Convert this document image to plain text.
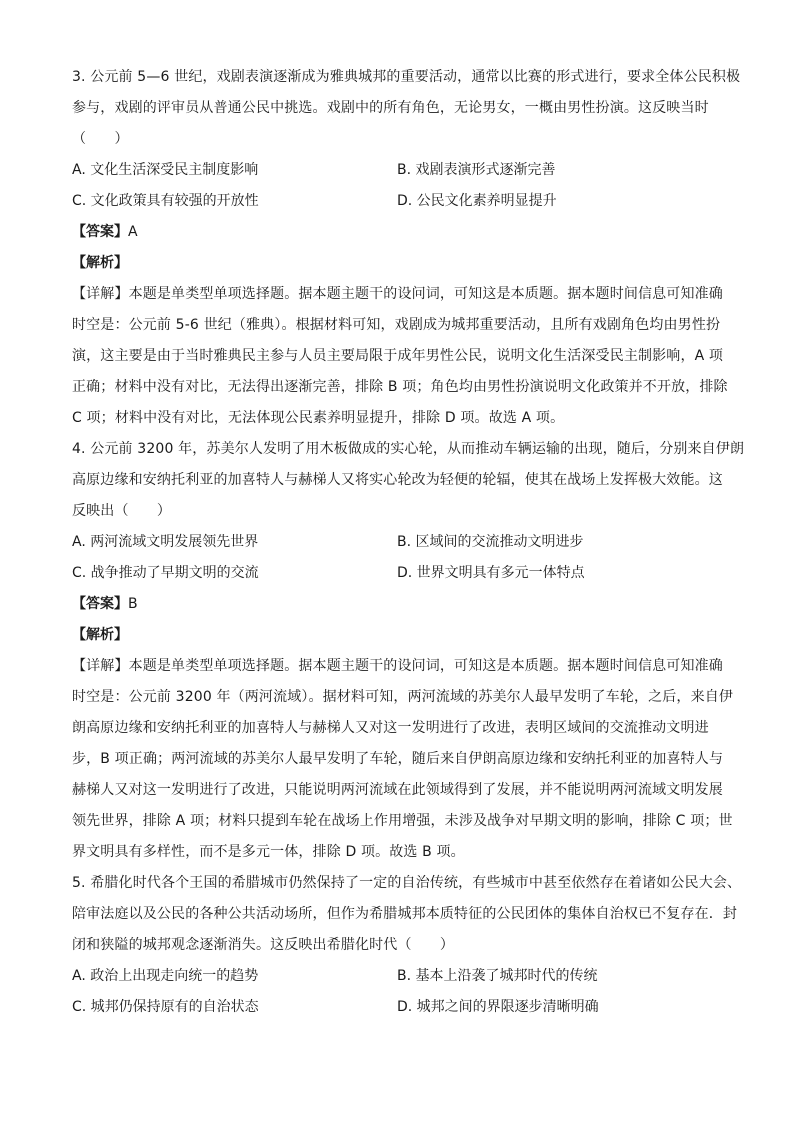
3. 公元前 5—6 世纪，戏剧表演逐渐成为雅典城邦的重要活动，通常以比赛的形式进行，要求全体公民积极
参与，戏剧的评审员从普通公民中挑选。戏剧中的所有角色，无论男女，一概由男性扮演。这反映当时
（　　）
A. 文化生活深受民主制度影响	B. 戏剧表演形式逐渐完善
C. 文化政策具有较强的开放性	D. 公民文化素养明显提升
【答案】A
【解析】
【详解】本题是单类型单项选择题。据本题主题干的设问词，可知这是本质题。据本题时间信息可知准确
时空是：公元前 5-6 世纪（雅典）。根据材料可知，戏剧成为城邦重要活动，且所有戏剧角色均由男性扮
演，这主要是由于当时雅典民主参与人员主要局限于成年男性公民，说明文化生活深受民主制影响，A 项
正确；材料中没有对比，无法得出逐渐完善，排除 B 项；角色均由男性扮演说明文化政策并不开放，排除
C 项；材料中没有对比，无法体现公民素养明显提升，排除 D 项。故选 A 项。
4. 公元前 3200 年，苏美尔人发明了用木板做成的实心轮，从而推动车辆运输的出现，随后，分别来自伊朗
高原边缘和安纳托利亚的加喜特人与赫梯人又将实心轮改为轻便的轮辐，使其在战场上发挥极大效能。这
反映出（　　）
A. 两河流域文明发展领先世界	B. 区域间的交流推动文明进步
C. 战争推动了早期文明的交流	D. 世界文明具有多元一体特点
【答案】B
【解析】
【详解】本题是单类型单项选择题。据本题主题干的设问词，可知这是本质题。据本题时间信息可知准确
时空是：公元前 3200 年（两河流域）。据材料可知，两河流域的苏美尔人最早发明了车轮，之后，来自伊
朗高原边缘和安纳托利亚的加喜特人与赫梯人又对这一发明进行了改进，表明区域间的交流推动文明进
步，B 项正确；两河流域的苏美尔人最早发明了车轮，随后来自伊朗高原边缘和安纳托利亚的加喜特人与
赫梯人又对这一发明进行了改进，只能说明两河流域在此领域得到了发展，并不能说明两河流域文明发展
领先世界，排除 A 项；材料只提到车轮在战场上作用增强，未涉及战争对早期文明的影响，排除 C 项；世
界文明具有多样性，而不是多元一体，排除 D 项。故选 B 项。
5. 希腊化时代各个王国的希腊城市仍然保持了一定的自治传统，有些城市中甚至依然存在着诸如公民大会、
陪审法庭以及公民的各种公共活动场所，但作为希腊城邦本质特征的公民团体的集体自治权已不复存在．封
闭和狭隘的城邦观念逐渐消失。这反映出希腊化时代（　　）
A. 政治上出现走向统一的趋势	B. 基本上沿袭了城邦时代的传统
C. 城邦仍保持原有的自治状态	D. 城邦之间的界限逐步清晰明确
